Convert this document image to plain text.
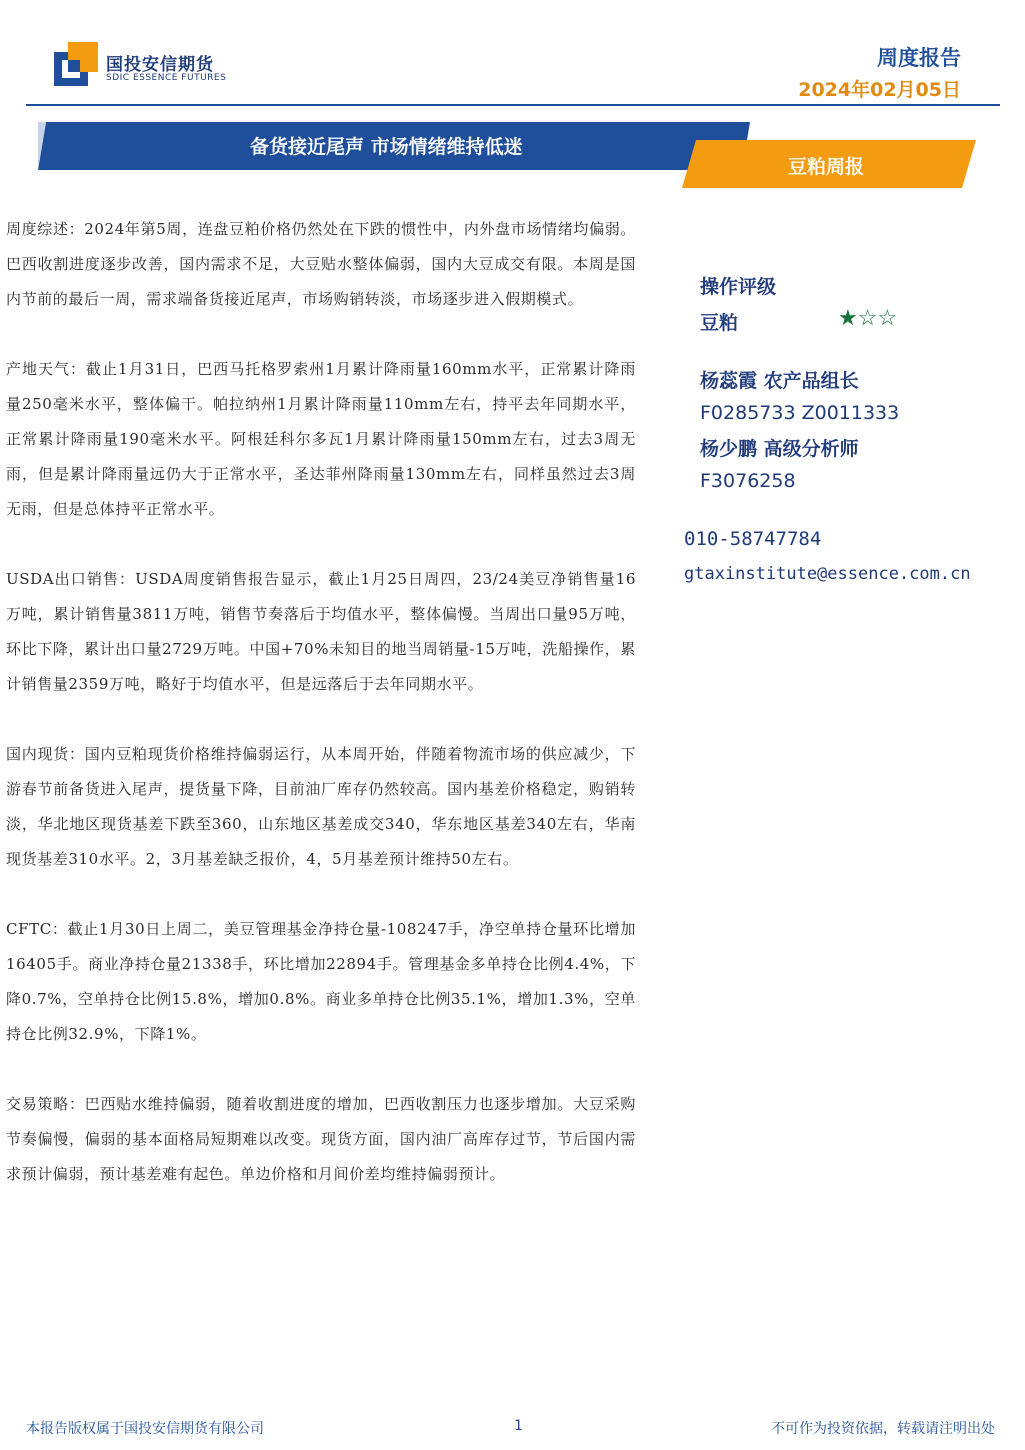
国投安信期货
SDIC ESSENCE FUTURES
周度报告
2024年02月05日
备货接近尾声 市场情绪维持低迷
豆粕周报

周度综述：2024年第5周，连盘豆粕价格仍然处在下跌的惯性中，内外盘市场情绪均偏弱。巴西收割进度逐步改善，国内需求不足，大豆贴水整体偏弱，国内大豆成交有限。本周是国内节前的最后一周，需求端备货接近尾声，市场购销转淡，市场逐步进入假期模式。

产地天气：截止1月31日，巴西马托格罗索州1月累计降雨量160mm水平，正常累计降雨量250毫米水平，整体偏干。帕拉纳州1月累计降雨量110mm左右，持平去年同期水平，正常累计降雨量190毫米水平。阿根廷科尔多瓦1月累计降雨量150mm左右，过去3周无雨，但是累计降雨量远仍大于正常水平，圣达菲州降雨量130mm左右，同样虽然过去3周无雨，但是总体持平正常水平。

USDA出口销售：USDA周度销售报告显示，截止1月25日周四，23/24美豆净销售量16万吨，累计销售量3811万吨，销售节奏落后于均值水平，整体偏慢。当周出口量95万吨，环比下降，累计出口量2729万吨。中国+70%未知目的地当周销量-15万吨，洗船操作，累计销售量2359万吨，略好于均值水平，但是远落后于去年同期水平。

国内现货：国内豆粕现货价格维持偏弱运行，从本周开始，伴随着物流市场的供应减少，下游春节前备货进入尾声，提货量下降，目前油厂库存仍然较高。国内基差价格稳定，购销转淡，华北地区现货基差下跌至360，山东地区基差成交340，华东地区基差340左右，华南现货基差310水平。2，3月基差缺乏报价，4，5月基差预计维持50左右。

CFTC：截止1月30日上周二，美豆管理基金净持仓量-108247手，净空单持仓量环比增加16405手。商业净持仓量21338手，环比增加22894手。管理基金多单持仓比例4.4%，下降0.7%，空单持仓比例15.8%，增加0.8%。商业多单持仓比例35.1%，增加1.3%，空单持仓比例32.9%，下降1%。

交易策略：巴西贴水维持偏弱，随着收割进度的增加，巴西收割压力也逐步增加。大豆采购节奏偏慢，偏弱的基本面格局短期难以改变。现货方面，国内油厂高库存过节，节后国内需求预计偏弱，预计基差难有起色。单边价格和月间价差均维持偏弱预计。

操作评级
豆粕	★☆☆
杨蕊霞 农产品组长
F0285733 Z0011333
杨少鹏 高级分析师
F3076258
010-58747784
gtaxinstitute@essence.com.cn
本报告版权属于国投安信期货有限公司	1	不可作为投资依据，转载请注明出处
